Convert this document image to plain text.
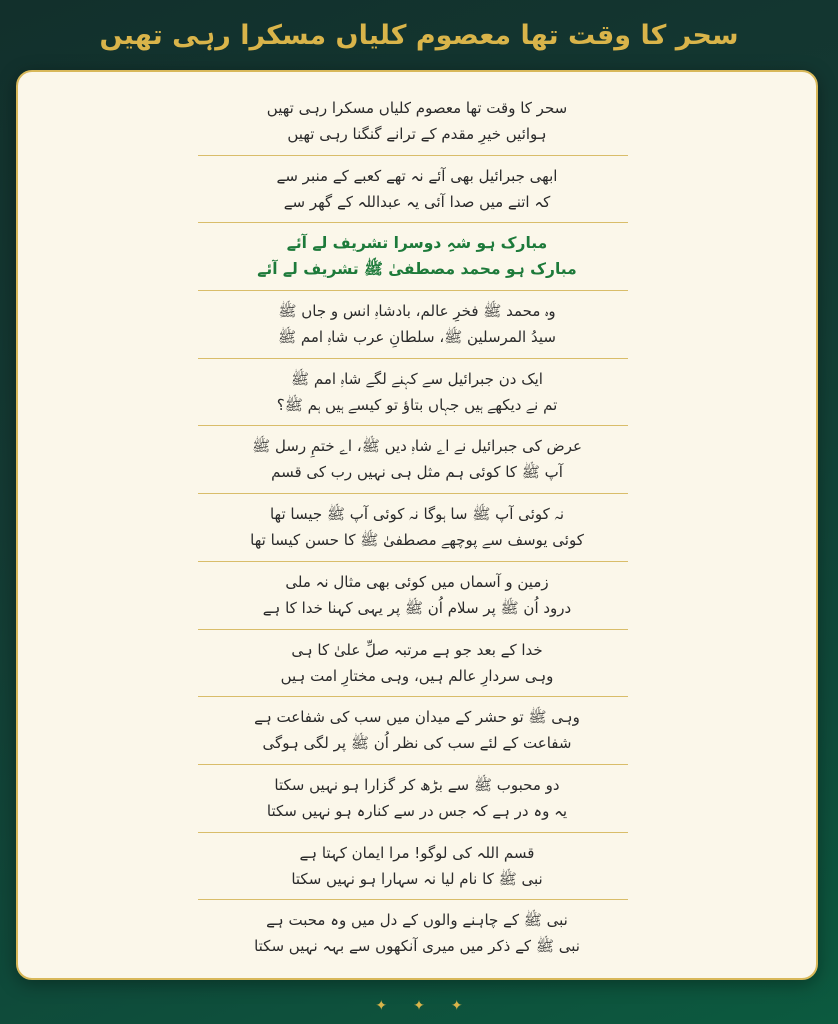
سحر کا وقت تھا معصوم کلیاں مسکرا رہی تھیں
سحر کا وقت تھا معصوم کلیاں مسکرا رہی تھیں
ہوائیں خیرِ مقدم کے ترانے گنگنا رہی تھیں
ابھی جبرائیل بھی آئے نہ تھے کعبے کے منبر سے
کہ اتنے میں صدا آئی یہ عبداللہ کے گھر سے
مبارک ہو شہِ دوسرا تشریف لے آئے
مبارک ہو محمد مصطفیٰ ﷺ تشریف لے آئے
وہ محمد ﷺ فخرِ عالم، بادشاہِ انس و جاں ﷺ
سیدُ المرسلین ﷺ، سلطانِ عرب شاہِ امم ﷺ
ایک دن جبرائیل سے کہنے لگے شاہِ امم ﷺ
تم نے دیکھے ہیں جہاں بتاؤ تو کیسے ہیں ہم ﷺ؟
عرض کی جبرائیل نے اے شاہِ دیں ﷺ، اے ختمِ رسل ﷺ
آپ ﷺ کا کوئی ہم مثل ہی نہیں رب کی قسم
نہ کوئی آپ ﷺ سا ہوگا نہ کوئی آپ ﷺ جیسا تھا
کوئی یوسف سے پوچھے مصطفیٰ ﷺ کا حسن کیسا تھا
زمین و آسماں میں کوئی بھی مثال نہ ملی
درود اُن ﷺ پر سلام اُن ﷺ پر یہی کہنا خدا کا ہے
خدا کے بعد جو ہے مرتبہ صلِّ علیٰ کا ہی
وہی سردارِ عالم ہیں، وہی مختارِ امت ہیں
وہی ﷺ تو حشر کے میدان میں سب کی شفاعت ہے
شفاعت کے لئے سب کی نظر اُن ﷺ پر لگی ہوگی
دو محبوب ﷺ سے بڑھ کر گزارا ہو نہیں سکتا
یہ وہ در ہے کہ جس در سے کنارہ ہو نہیں سکتا
قسم اللہ کی لوگو! مرا ایمان کہتا ہے
نبی ﷺ کا نام لیا نہ سہارا ہو نہیں سکتا
نبی ﷺ کے چاہنے والوں کے دل میں وہ محبت ہے
نبی ﷺ کے ذکر میں میری آنکھوں سے بہہ نہیں سکتا
✦ ✦ ✦
